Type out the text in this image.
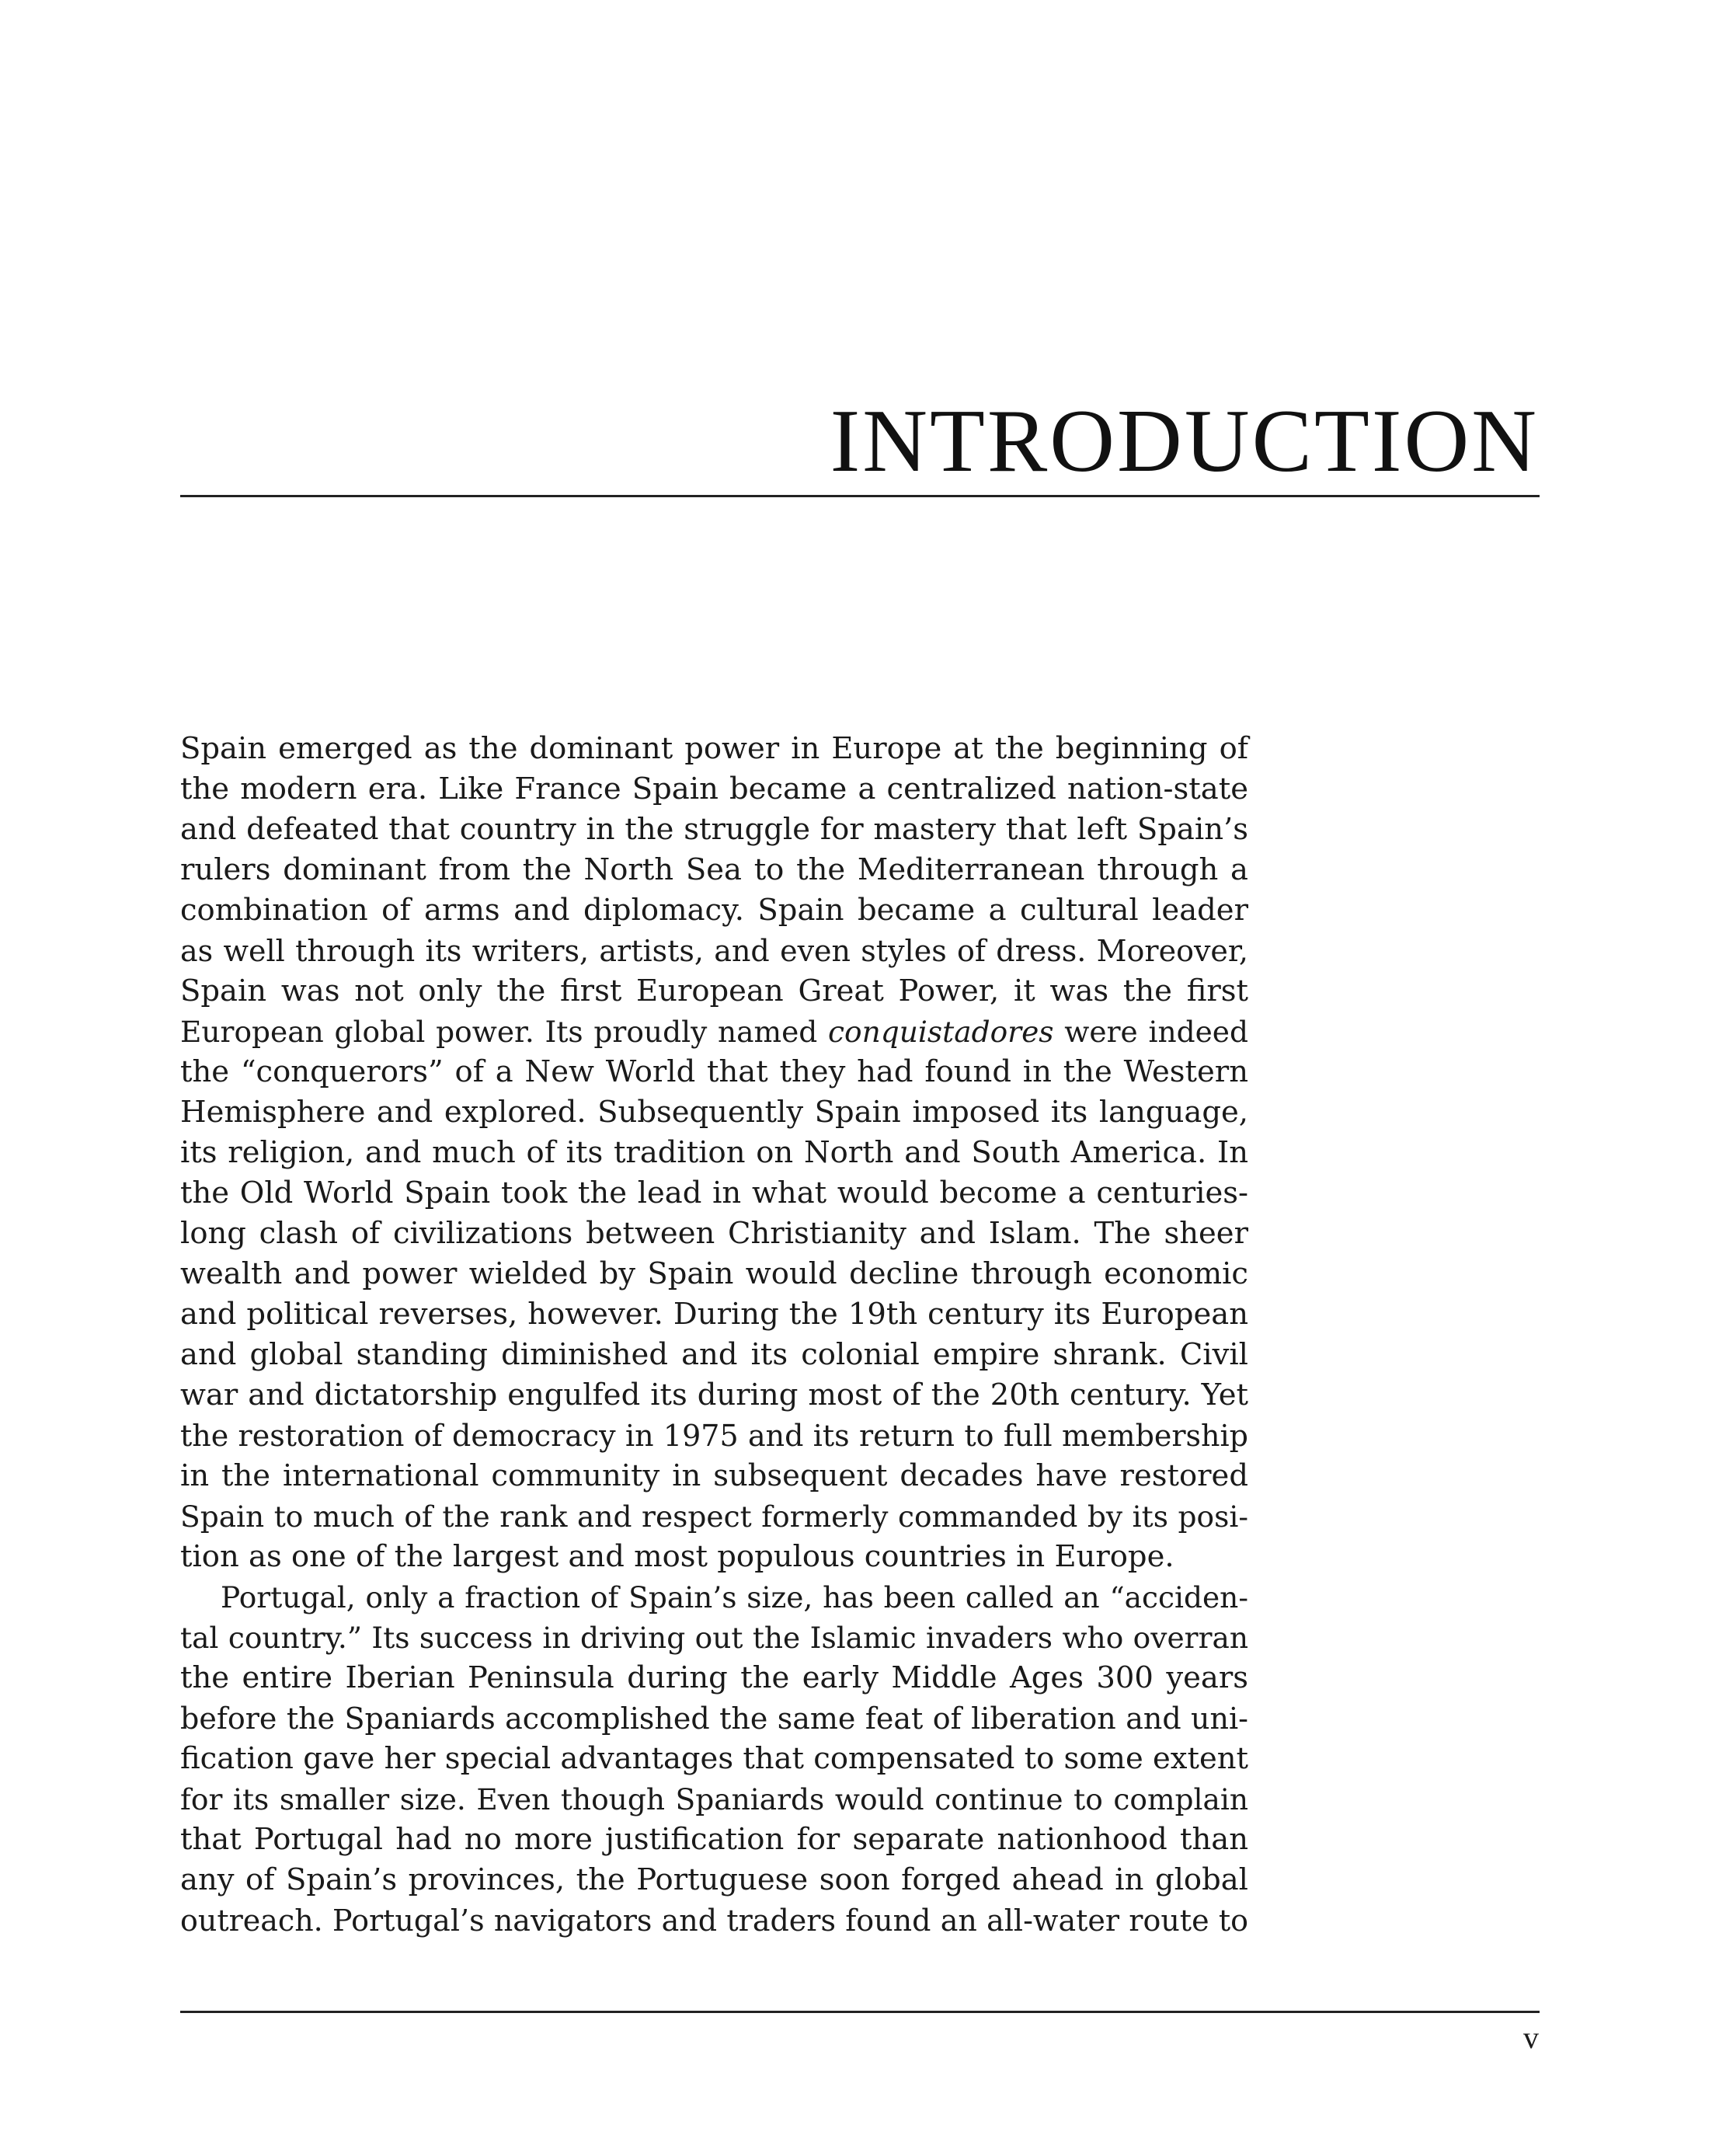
INTRODUCTION
Spain emerged as the dominant power in Europe at the beginning of
the modern era. Like France Spain became a centralized nation-state
and defeated that country in the struggle for mastery that left Spain’s
rulers dominant from the North Sea to the Mediterranean through a
combination of arms and diplomacy. Spain became a cultural leader
as well through its writers, artists, and even styles of dress. Moreover,
Spain was not only the first European Great Power, it was the first
European global power. Its proudly named conquistadores were indeed
the “conquerors” of a New World that they had found in the Western
Hemisphere and explored. Subsequently Spain imposed its language,
its religion, and much of its tradition on North and South America. In
the Old World Spain took the lead in what would become a centuries-
long clash of civilizations between Christianity and Islam. The sheer
wealth and power wielded by Spain would decline through economic
and political reverses, however. During the 19th century its European
and global standing diminished and its colonial empire shrank. Civil
war and dictatorship engulfed its during most of the 20th century. Yet
the restoration of democracy in 1975 and its return to full membership
in the international community in subsequent decades have restored
Spain to much of the rank and respect formerly commanded by its posi-
tion as one of the largest and most populous countries in Europe.
Portugal, only a fraction of Spain’s size, has been called an “acciden-
tal country.” Its success in driving out the Islamic invaders who overran
the entire Iberian Peninsula during the early Middle Ages 300 years
before the Spaniards accomplished the same feat of liberation and uni-
fication gave her special advantages that compensated to some extent
for its smaller size. Even though Spaniards would continue to complain
that Portugal had no more justification for separate nationhood than
any of Spain’s provinces, the Portuguese soon forged ahead in global
outreach. Portugal’s navigators and traders found an all-water route to
v
